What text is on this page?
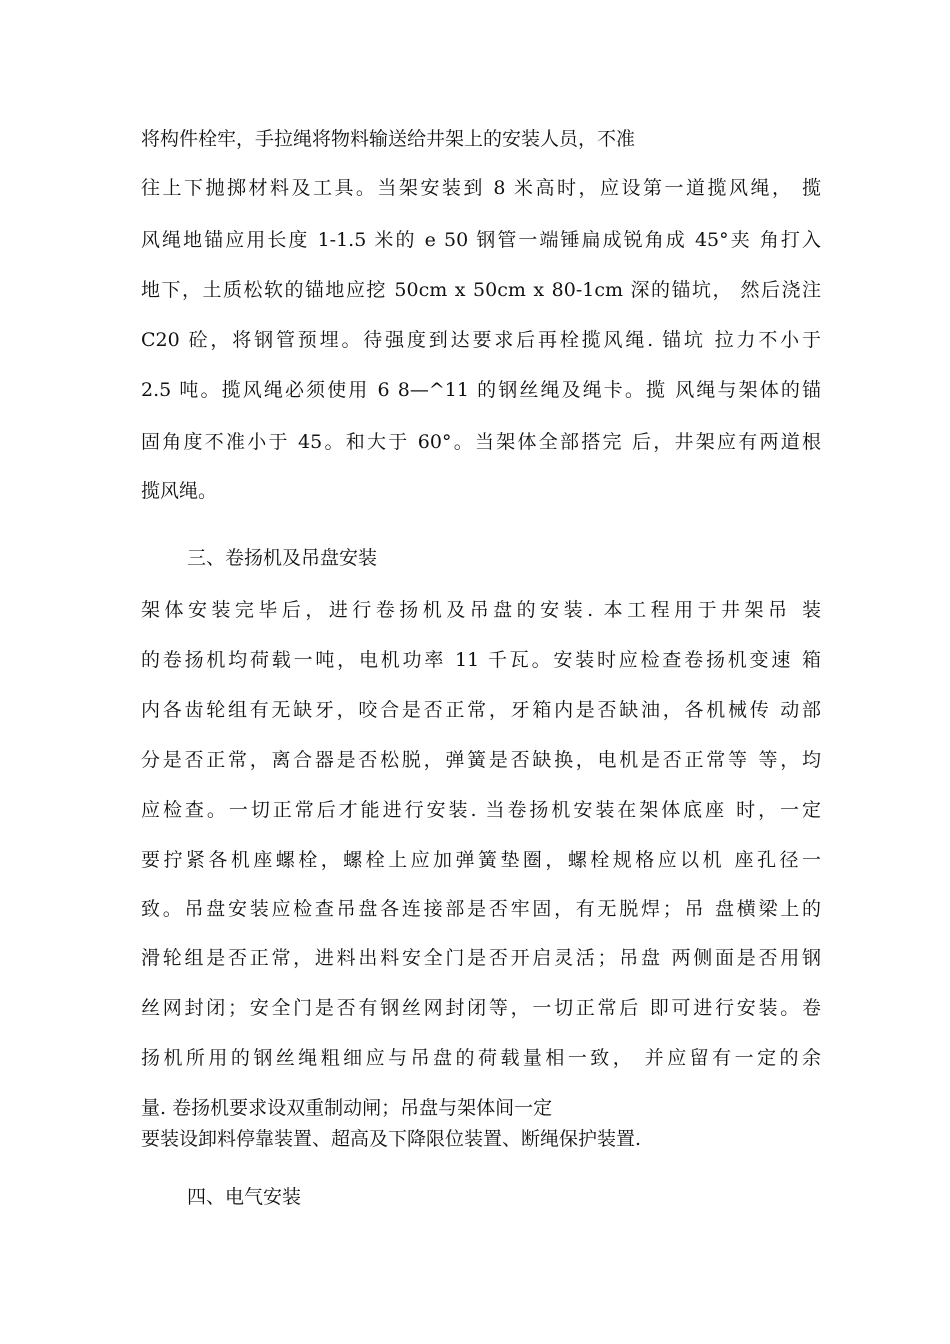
将构件栓牢，手拉绳将物料输送给井架上的安装人员，不准
往上下抛掷材料及工具。当架安装到 8 米高时，应设第一道揽风绳， 揽
风绳地锚应用长度 1-1.5 米的 e 50 钢管一端锤扁成锐角成 45°夹 角打入
地下，土质松软的锚地应挖 50cm x 50cm x 80-1cm 深的锚坑， 然后浇注
C20 砼，将钢管预埋。待强度到达要求后再栓揽风绳. 锚坑 拉力不小于
2.5 吨。揽风绳必须使用 6 8—^11 的钢丝绳及绳卡。揽 风绳与架体的锚
固角度不准小于 45。和大于 60°。当架体全部搭完 后，井架应有两道根
揽风绳。
三、卷扬机及吊盘安装
架体安装完毕后，进行卷扬机及吊盘的安装. 本工程用于井架吊 装
的卷扬机均荷载一吨，电机功率 11 千瓦。安装时应检查卷扬机变速 箱
内各齿轮组有无缺牙，咬合是否正常，牙箱内是否缺油，各机械传 动部
分是否正常，离合器是否松脱，弹簧是否缺换，电机是否正常等 等，均
应检查。一切正常后才能进行安装. 当卷扬机安装在架体底座 时，一定
要拧紧各机座螺栓，螺栓上应加弹簧垫圈，螺栓规格应以机 座孔径一
致。吊盘安装应检查吊盘各连接部是否牢固，有无脱焊；吊 盘横梁上的
滑轮组是否正常，进料出料安全门是否开启灵活；吊盘 两侧面是否用钢
丝网封闭；安全门是否有钢丝网封闭等，一切正常后 即可进行安装。卷
扬机所用的钢丝绳粗细应与吊盘的荷载量相一致， 并应留有一定的余
量. 卷扬机要求设双重制动闸；吊盘与架体间一定
要装设卸料停靠装置、超高及下降限位装置、断绳保护装置.
四、电气安装
